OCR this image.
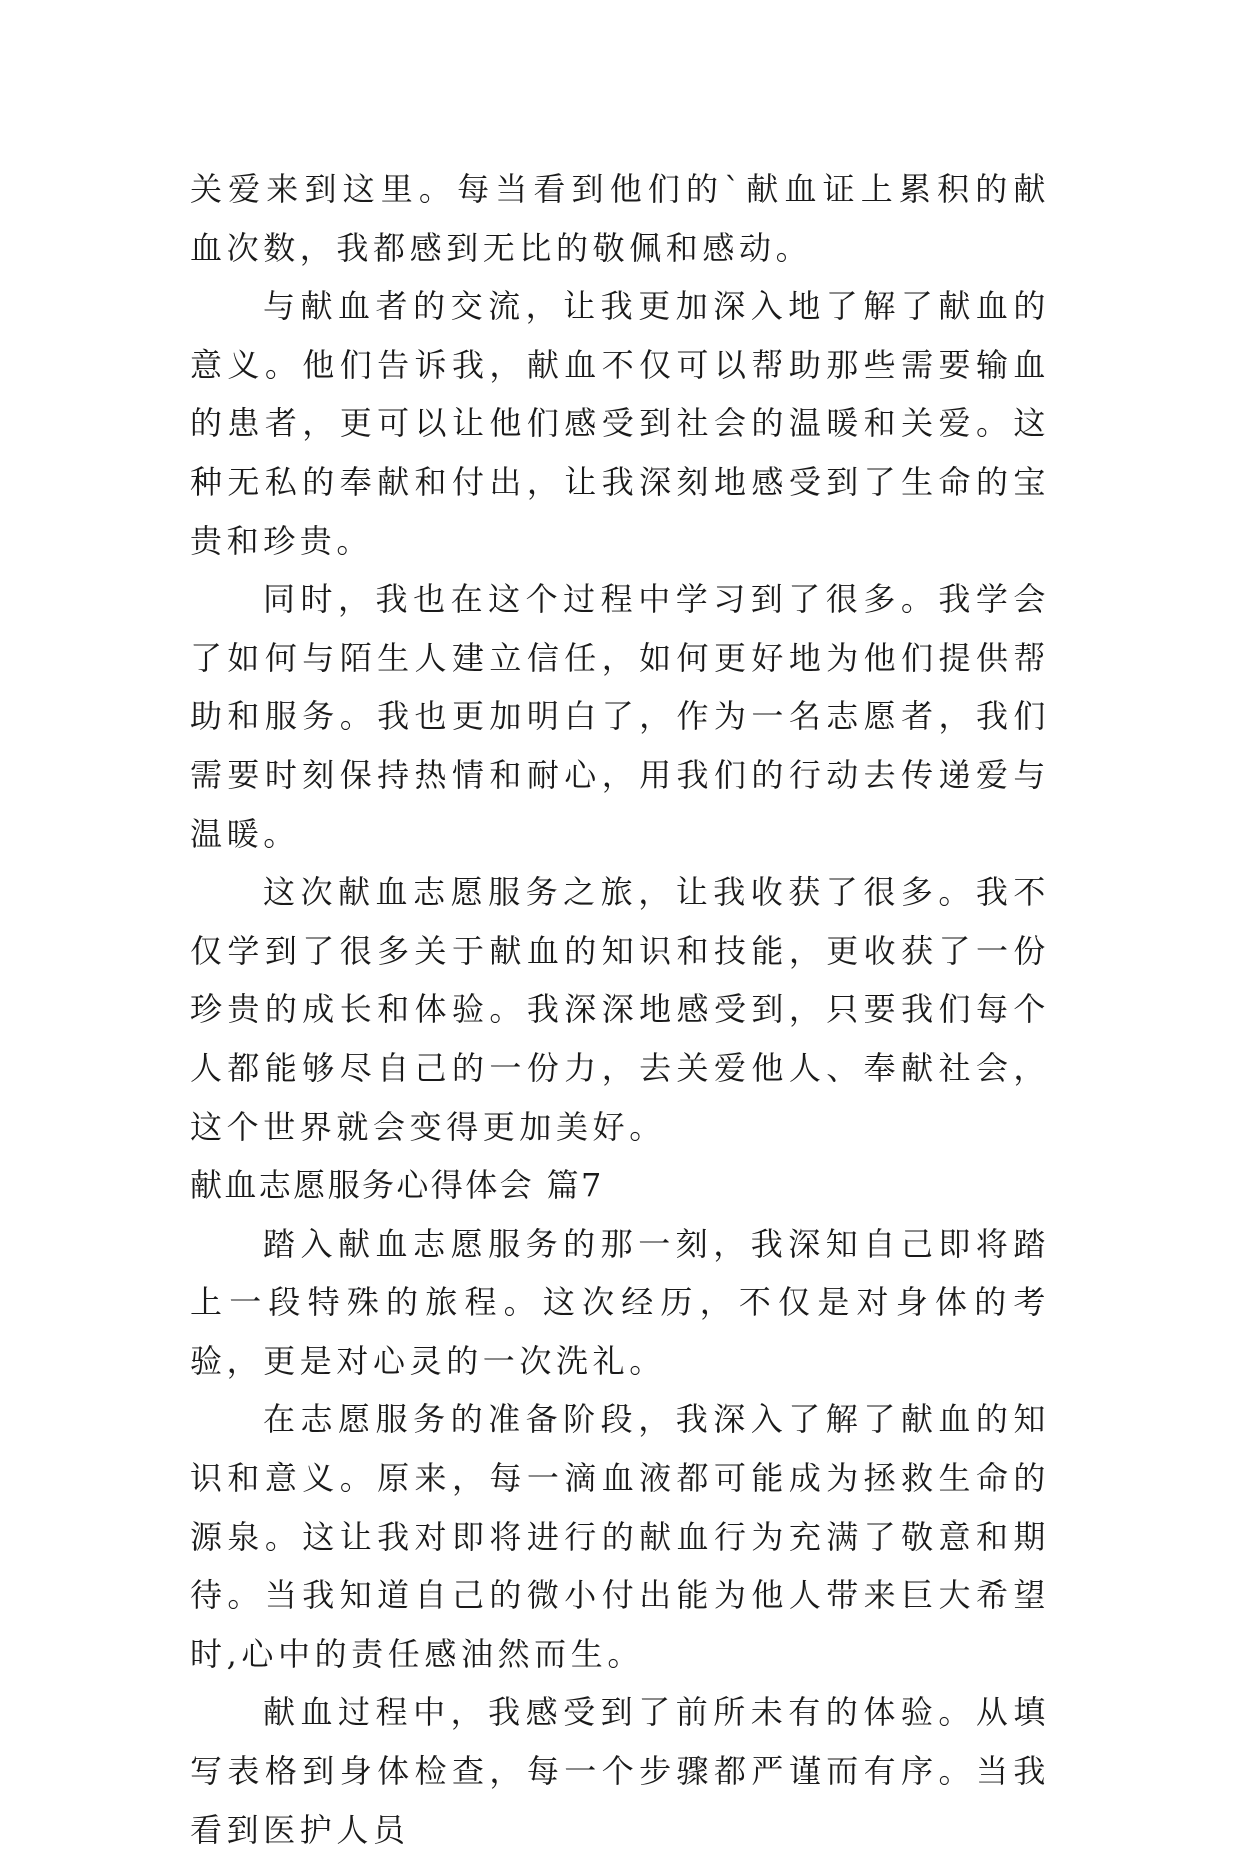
关爱来到这里。每当看到他们的`献血证上累积的献血次数，我都感到无比的敬佩和感动。

与献血者的交流，让我更加深入地了解了献血的意义。他们告诉我，献血不仅可以帮助那些需要输血的患者，更可以让他们感受到社会的温暖和关爱。这种无私的奉献和付出，让我深刻地感受到了生命的宝贵和珍贵。

同时，我也在这个过程中学习到了很多。我学会了如何与陌生人建立信任，如何更好地为他们提供帮助和服务。我也更加明白了，作为一名志愿者，我们需要时刻保持热情和耐心，用我们的行动去传递爱与温暖。

这次献血志愿服务之旅，让我收获了很多。我不仅学到了很多关于献血的知识和技能，更收获了一份珍贵的成长和体验。我深深地感受到，只要我们每个人都能够尽自己的一份力，去关爱他人、奉献社会，这个世界就会变得更加美好。

献血志愿服务心得体会 篇7

踏入献血志愿服务的那一刻，我深知自己即将踏上一段特殊的旅程。这次经历，不仅是对身体的考验，更是对心灵的一次洗礼。

在志愿服务的准备阶段，我深入了解了献血的知识和意义。原来，每一滴血液都可能成为拯救生命的源泉。这让我对即将进行的献血行为充满了敬意和期待。当我知道自己的微小付出能为他人带来巨大希望时,心中的责任感油然而生。

献血过程中，我感受到了前所未有的体验。从填写表格到身体检查，每一个步骤都严谨而有序。当我看到医护人员
